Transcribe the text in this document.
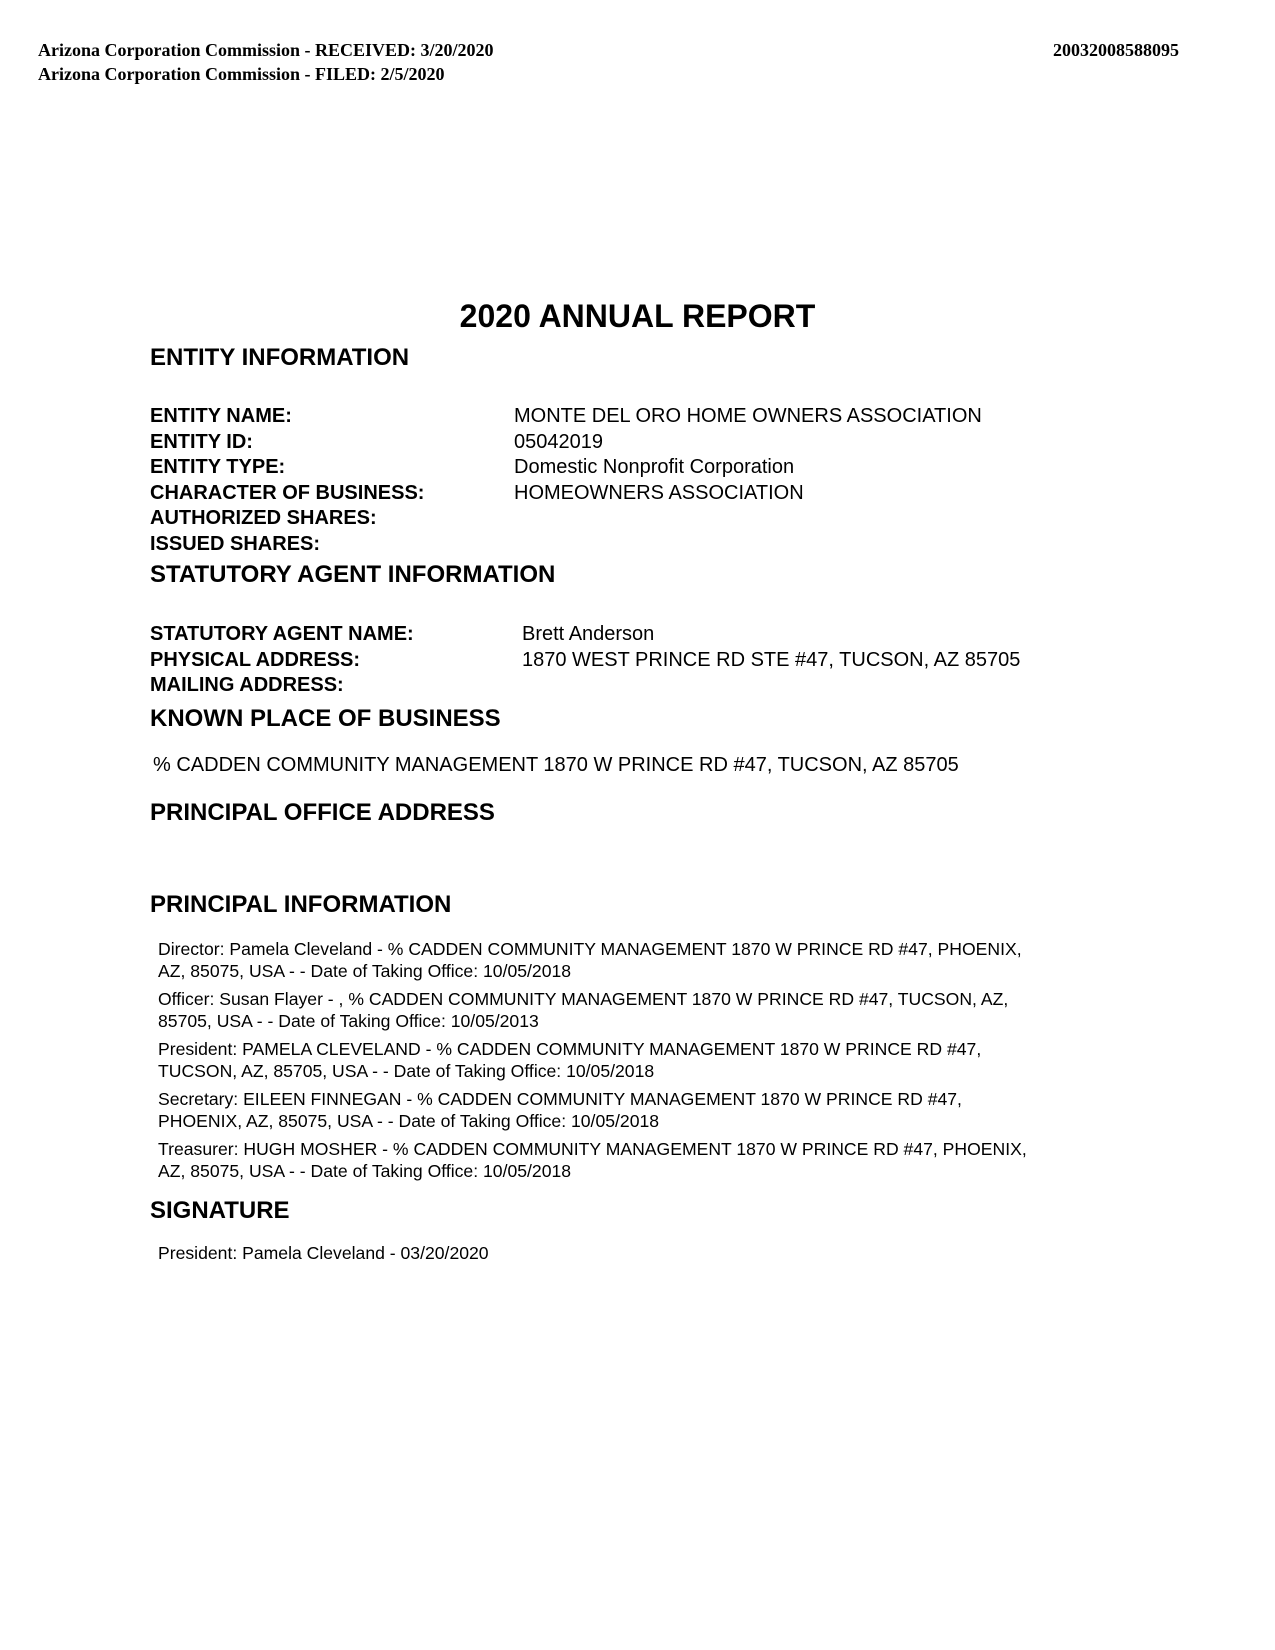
Arizona Corporation Commission - RECEIVED: 3/20/2020
Arizona Corporation Commission - FILED: 2/5/2020
20032008588095
2020 ANNUAL REPORT
ENTITY INFORMATION
ENTITY NAME:	MONTE DEL ORO HOME OWNERS ASSOCIATION
ENTITY ID:	05042019
ENTITY TYPE:	Domestic Nonprofit Corporation
CHARACTER OF BUSINESS:	HOMEOWNERS ASSOCIATION
AUTHORIZED SHARES:
ISSUED SHARES:
STATUTORY AGENT INFORMATION
STATUTORY AGENT NAME:	Brett Anderson
PHYSICAL ADDRESS:	1870 WEST PRINCE RD STE #47, TUCSON, AZ 85705
MAILING ADDRESS:
KNOWN PLACE OF BUSINESS
% CADDEN COMMUNITY MANAGEMENT 1870 W PRINCE RD #47, TUCSON, AZ 85705
PRINCIPAL OFFICE ADDRESS
PRINCIPAL INFORMATION
Director: Pamela Cleveland - % CADDEN COMMUNITY MANAGEMENT 1870 W PRINCE RD #47, PHOENIX,
AZ, 85075, USA - - Date of Taking Office: 10/05/2018
Officer: Susan Flayer - , % CADDEN COMMUNITY MANAGEMENT 1870 W PRINCE RD #47, TUCSON, AZ,
85705, USA - - Date of Taking Office: 10/05/2013
President: PAMELA CLEVELAND - % CADDEN COMMUNITY MANAGEMENT 1870 W PRINCE RD #47,
TUCSON, AZ, 85705, USA - - Date of Taking Office: 10/05/2018
Secretary: EILEEN FINNEGAN - % CADDEN COMMUNITY MANAGEMENT 1870 W PRINCE RD #47,
PHOENIX, AZ, 85075, USA - - Date of Taking Office: 10/05/2018
Treasurer: HUGH MOSHER - % CADDEN COMMUNITY MANAGEMENT 1870 W PRINCE RD #47, PHOENIX,
AZ, 85075, USA - - Date of Taking Office: 10/05/2018
SIGNATURE
President: Pamela Cleveland - 03/20/2020
